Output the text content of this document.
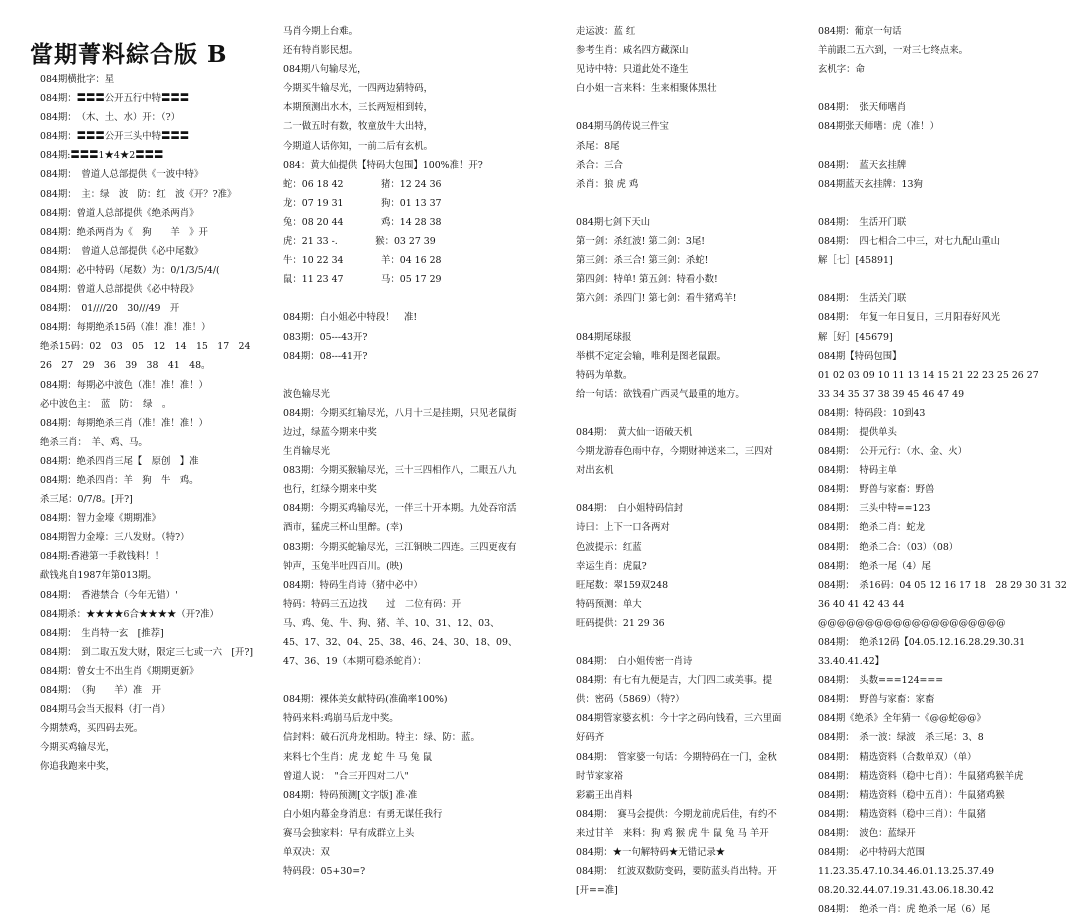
當期菁料綜合版 B
084期横批字：星
084期：〓〓〓公开五行中特〓〓〓
084期：　（木、土、水）开：（?）
084期：〓〓〓公开三头中特〓〓〓
084期:〓〓〓1★4★2〓〓〓
084期：　曾道人总部提供《一波中特》
084期：　主：绿　波　防：红　波《开？?准》
084期：曾道人总部提供《绝杀两肖》
084期：绝杀两肖为《　狗　　羊　》开
084期：　曾道人总部提供《必中尾数》
084期：必中特码（尾数）为：0/1/3/5/4/(
084期：曾道人总部提供《必中特段》
084期：　01////20　30///49　开
084期：每期绝杀15码（准！准！准！）
绝杀15码：02　03　05　12　14　15　17　24
26　27　29　36　39　38　41　48。
084期：每期必中波色（准！准！准！）
必中波色主：　蓝　防：　绿　。
084期：每期绝杀三肖（准！准！准！）
绝杀三肖：　羊、鸡、马。
084期：绝杀四肖三尾【　原创　】准
084期：绝杀四肖：羊　狗　牛　鸡。
杀三尾：0/7/8。[开?]
084期：智力金壕《期期准》
084期智力金壕：三八发财。（特?）
084期:香港第一手救钱料！！
歃钱兆自1987年第013期。
084期：　香港禁合（今年无错）'
084期杀：★★★★6合★★★★（开?准）
084期：　生肖特一玄　[推荐]
084期：　到二取五发大财，限定三七或一六　[开?]
084期：曾女士不出生肖《期期更新》
084期：　（狗　　羊）准　开
084期马会当天报料（打一肖）
今期禁鸡，买四码去死。
今期买鸡输尽光，
你追我跑来中奖，
马肖今期上台难。
还有特肖影民想。
084期八句输尽光，
今期买牛输尽光，一四两边猜特码，
本期预测出水木，三长两短相到转，
二一做五时有数，牧童放牛大出特，
今期道人话你知，一前二后有玄机。
084：黄大仙提供【特码大包围】100%准！开?
蛇：06 18 42　　　　猪：12 24 36
龙：07 19 31　　　　狗：01 13 37
兔：08 20 44　　　　鸡：14 28 38
虎：21 33 -.　　　　猴：03 27 39
牛：10 22 34　　　　羊：04 16 28
鼠：11 23 47　　　　马：05 17 29
084期：白小姐必中特段！　准!
083期：05---43开?
084期：08---41开?
波色输尽光
084期：今期买红输尽光，八月十三是挂期，只见老鼠街
边过，绿蓝今期来中奖
生肖输尽光
083期：今期买猴输尽光，三十三四相作八，二眼五八九
也行，红绿今期来中奖
084期：今期买鸡输尽光，一伴三十开本期。九处吞帘活
酒市，猛虎三杯山里醉。(幸)
083期：今期买蛇输尽光，三江铜映二四连。三四更夜有
钟声，玉兔半吐四百川。(映)
084期：特码生肖诗（猪中必中）
特码：特码三五边找　　过　二位有码：开
马、鸡、兔、牛、狗、猪、羊、10、31、12、03、
45、17、32、04、25、38、46、24、30、18、09、
47、36、19（本期可稳杀蛇肖）：
084期：裸体美女献特码(准确率100%)
特码来料:鸡崩马后龙中奖。
信封料：破石沉舟龙相助。特主：绿、防：蓝。
来料七个生肖：虎 龙 蛇 牛 马 兔 鼠
曾道人说：　"合三开四对二八"
084期：特码预测[文字版] 准·准
白小姐内幕金身消息：有勇无谋任我行
赛马会独家料：早有成群立上头
单双决：双
特码段：05+30=?
走运波：蓝 红
参考生肖：咸名四方藏深山
见诗中特：只道此处不逢生
白小姐一言来料：生来相聚体黑壮
084期马鸽传说三件宝
杀尾：8尾
杀合：三合
杀肖：狼 虎 鸡
084期七剑下天山
第一剑：杀红波! 第二剑：3尾!
第三剑：杀三合! 第三剑：杀蛇!
第四剑：特单! 第五剑：特看小数!
第六剑：杀四门! 第七剑：看牛猪鸡羊!
084期尾球报
举棋不定定会输，唯利是图老鼠跟。
特码为单数。
给一句话：欲钱看广西灵气最重的地方。
084期：　黄大仙一语破天机
今期龙游春色雨中存，今期财神送来二，三四对
对出玄机
084期：　白小姐特码信封
诗曰：上下一口各两对
色波提示：红蓝
幸运生肖：虎鼠?
旺尾数：翠159双248
特码预测：单大
旺码提供：21 29 36
084期：　白小姐传密一肖诗
084期：有七有九便是吉，大门四二或美事。提
供：密码（5869）（特?）
084期管家婆玄机：今十字之码向钱看，三六里面
好码齐
084期：　管家婆一句话：今期特码在一门，金秋
时节家家裕
彩霸王出肖料
084期：　赛马会提供：今期龙前虎后佳，有约不
来过甘羊　来料：狗 鸡 猴 虎 牛 鼠 兔 马 羊开
084期：★一句解特码★无错记录★
084期：　红波双数防变码，要防蓝头肖出特。开
[开==准]
084期：葡京一句话
羊前跟二五六到，一对三七终点来。
玄机字：命
084期：　张天师嗜肖
084期张天师嗜：虎（准！）
084期：　蓝天玄挂牌
084期蓝天玄挂牌：13狗
084期：　生活开门联
084期：　四七相合二中三，对七九配山重山
解［七］[45891]
084期：　生活关门联
084期：　年复一年日复日，三月阳春好风光
解［好］[45679]
084期【特码包围】
01 02 03 09 10 11 13 14 15 21 22 23 25 26 27
33 34 35 37 38 39 45 46 47 49
084期：特码段：10到43
084期：　提供单头
084期：　公开元行：（水、金、火）
084期：　特码主单
084期：　野兽与家畜：野兽
084期：　三头中特==123
084期：　绝杀二肖：蛇龙
084期：　绝杀二合：（03）（08）
084期：　绝杀一尾（4）尾
084期：　杀16码：04 05 12 16 17 18　28 29 30 31 32
36 40 41 42 43 44
@@@@@@@@@@@@@@@@@@@@
084期：　绝杀12码【04.05.12.16.28.29.30.31
33.40.41.42】
084期：　头数===124===
084期：　野兽与家畜：家畜
084期《绝杀》全年猜一《@@蛇@@》
084期：　杀一波：绿波　杀三尾：3、8
084期：　精选资料（合数单双）（单）
084期：　精选资料（稳中七肖）：牛鼠猪鸡猴羊虎
084期：　精选资料（稳中五肖）：牛鼠猪鸡猴
084期：　精选资料（稳中三肖）：牛鼠猪
084期：　波色：蓝绿开
084期：　必中特码大范围
11.23.35.47.10.34.46.01.13.25.37.49
08.20.32.44.07.19.31.43.06.18.30.42
084期：　绝杀一肖：虎 绝杀一尾（6）尾
